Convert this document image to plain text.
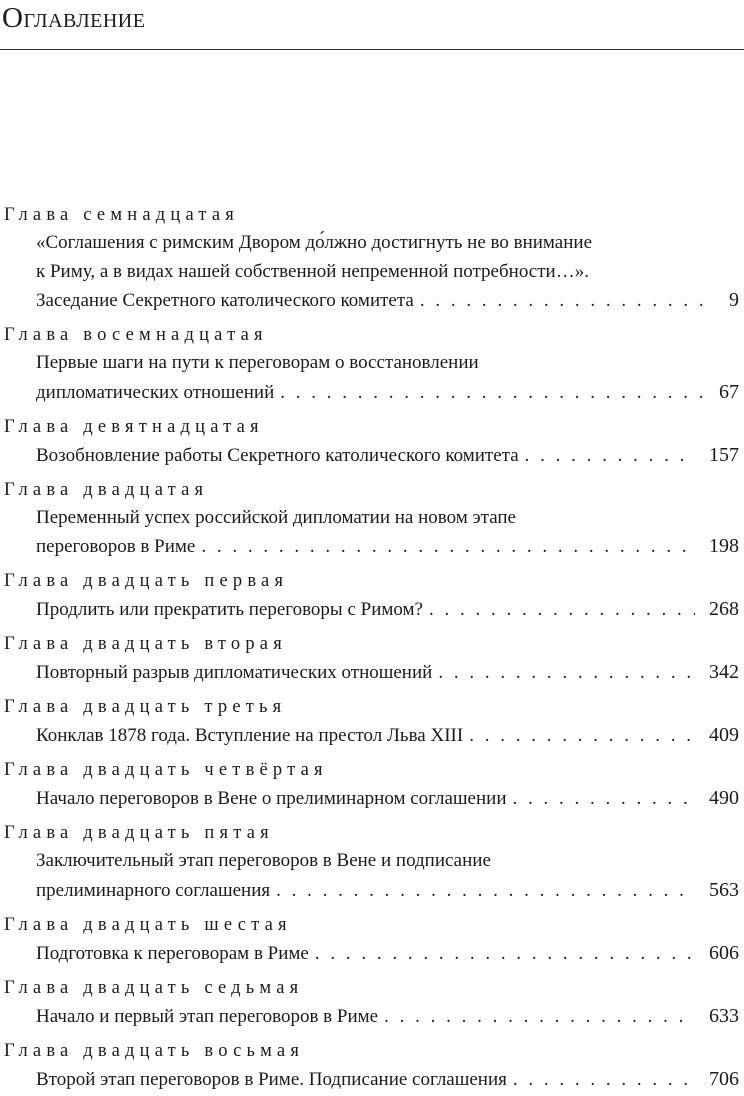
Оглавление
Глава семнадцатая
«Соглашения с римским Двором до́лжно достигнуть не во внимание
к Риму, а в видах нашей собственной непременной потребности…».
Заседание Секретного католического комитета . . .	9
Глава восемнадцатая
Первые шаги на пути к переговорам о восстановлении
дипломатических отношений . . .	67
Глава девятнадцатая
Возобновление работы Секретного католического комитета . . .	157
Глава двадцатая
Переменный успех российской дипломатии на новом этапе
переговоров в Риме . . .	198
Глава двадцать первая
Продлить или прекратить переговоры с Римом? . . .	268
Глава двадцать вторая
Повторный разрыв дипломатических отношений . . .	342
Глава двадцать третья
Конклав 1878 года. Вступление на престол Льва XIII . . .	409
Глава двадцать четвёртая
Начало переговоров в Вене о прелиминарном соглашении . . .	490
Глава двадцать пятая
Заключительный этап переговоров в Вене и подписание
прелиминарного соглашения . . .	563
Глава двадцать шестая
Подготовка к переговорам в Риме . . .	606
Глава двадцать седьмая
Начало и первый этап переговоров в Риме . . .	633
Глава двадцать восьмая
Второй этап переговоров в Риме. Подписание соглашения . . .	706
